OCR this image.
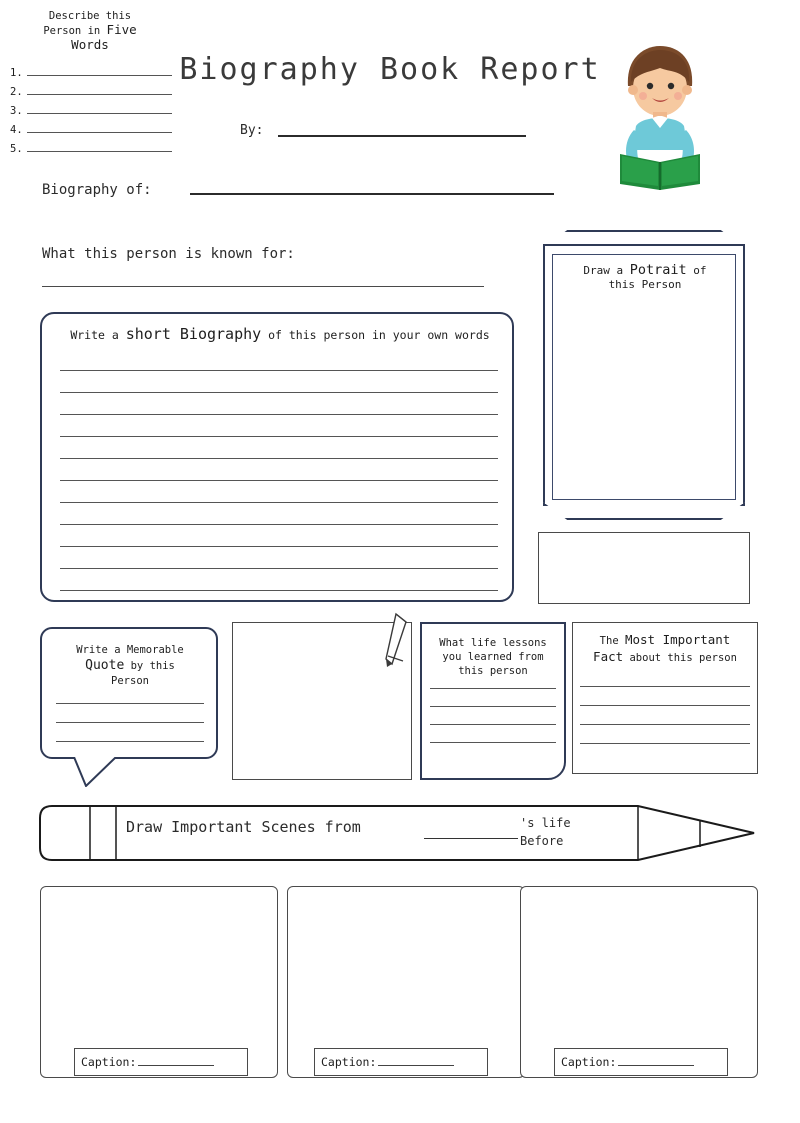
Biography Book Report
By:
Biography of:
What this person is known for:
Write a short Biography of this person in your own words
Draw a Potrait of
this Person
Write a Memorable
Quote by this
Person
Describe this
Person in Five
Words
1.
2.
3.
4.
5.
What life lessons
you learned from
this person
The Most Important
Fact about this person
Draw Important Scenes from	's life
Before
Caption:	Caption:	Caption:
